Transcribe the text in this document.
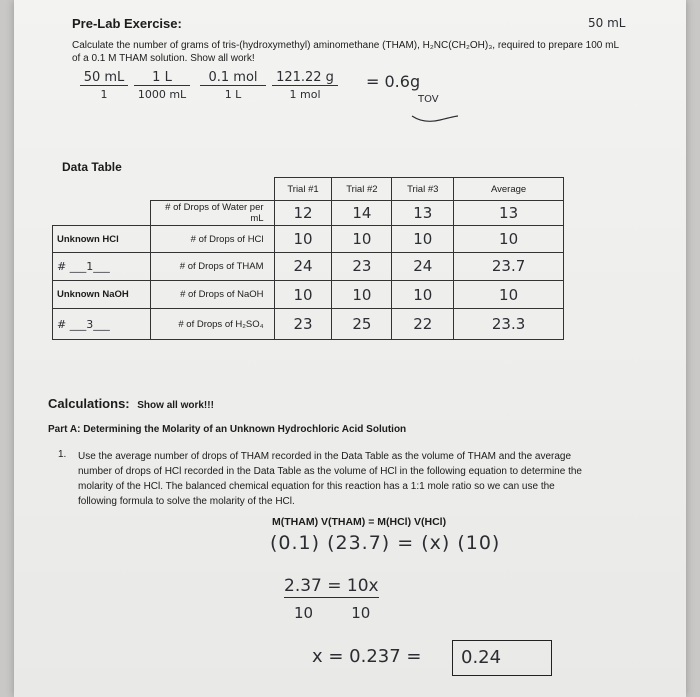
Pre-Lab Exercise:	50 mL
Calculate the number of grams of tris-(hydroxymethyl) aminomethane (THAM), H₂NC(CH₂OH)₃, required to prepare 100 mL
of a 0.1 M THAM solution. Show all work!
50 mL
1
1 L
1000 mL
0.1 mol
1 L
121.22 g
1 mol
= 0.6g
TOV
Data Table
		Trial #1	Trial #2	Trial #3	Average
	# of Drops of Water per mL	12	14	13	13
Unknown HCl	# of Drops of HCl	10	10	10	10
# ___1___	# of Drops of THAM	24	23	24	23.7
Unknown NaOH	# of Drops of NaOH	10	10	10	10
# ___3___	# of Drops of H₂SO₄	23	25	22	23.3
Calculations: Show all work!!!
Part A: Determining the Molarity of an Unknown Hydrochloric Acid Solution
1. Use the average number of drops of THAM recorded in the Data Table as the volume of THAM and the average
number of drops of HCl recorded in the Data Table as the volume of HCl in the following equation to determine the
molarity of the HCl. The balanced chemical equation for this reaction has a 1:1 mole ratio so we can use the
following formula to solve the molarity of the HCl.
M(THAM) V(THAM) = M(HCl) V(HCl)
(0.1) (23.7) = (x) (10)
2.37 = 10x
10        10
x = 0.237 =	0.24
